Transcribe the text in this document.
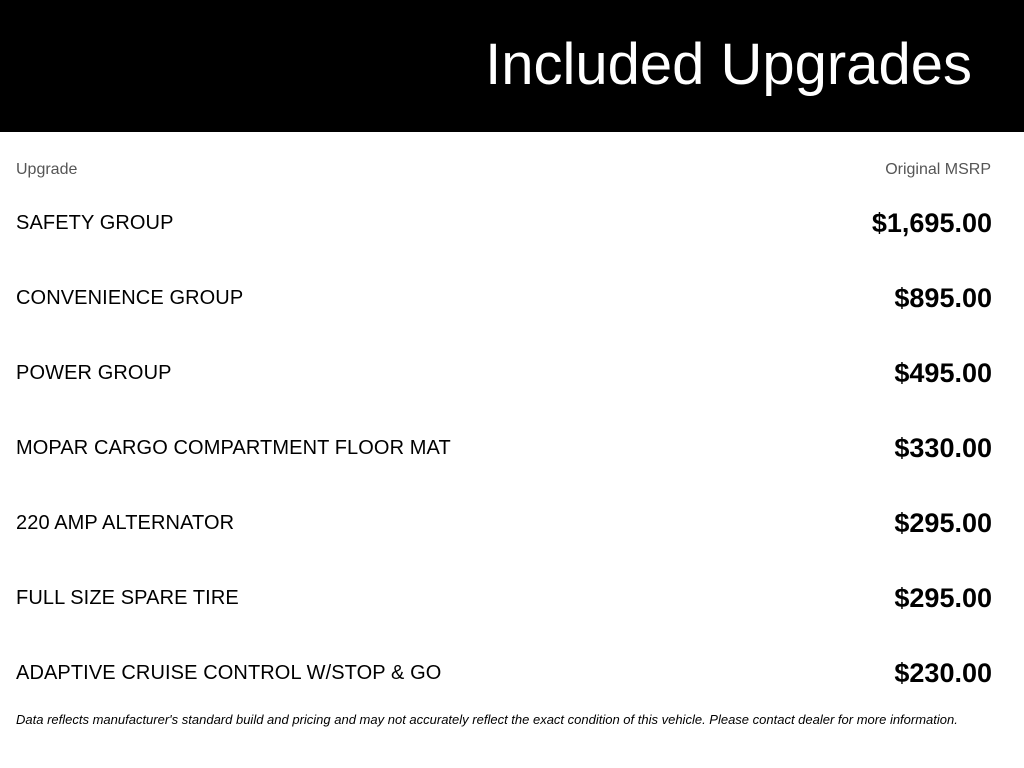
Included Upgrades
Upgrade	Original MSRP
SAFETY GROUP	$1,695.00
CONVENIENCE GROUP	$895.00
POWER GROUP	$495.00
MOPAR CARGO COMPARTMENT FLOOR MAT	$330.00
220 AMP ALTERNATOR	$295.00
FULL SIZE SPARE TIRE	$295.00
ADAPTIVE CRUISE CONTROL W/STOP & GO	$230.00
Data reflects manufacturer's standard build and pricing and may not accurately reflect the exact condition of this vehicle. Please contact dealer for more information.
